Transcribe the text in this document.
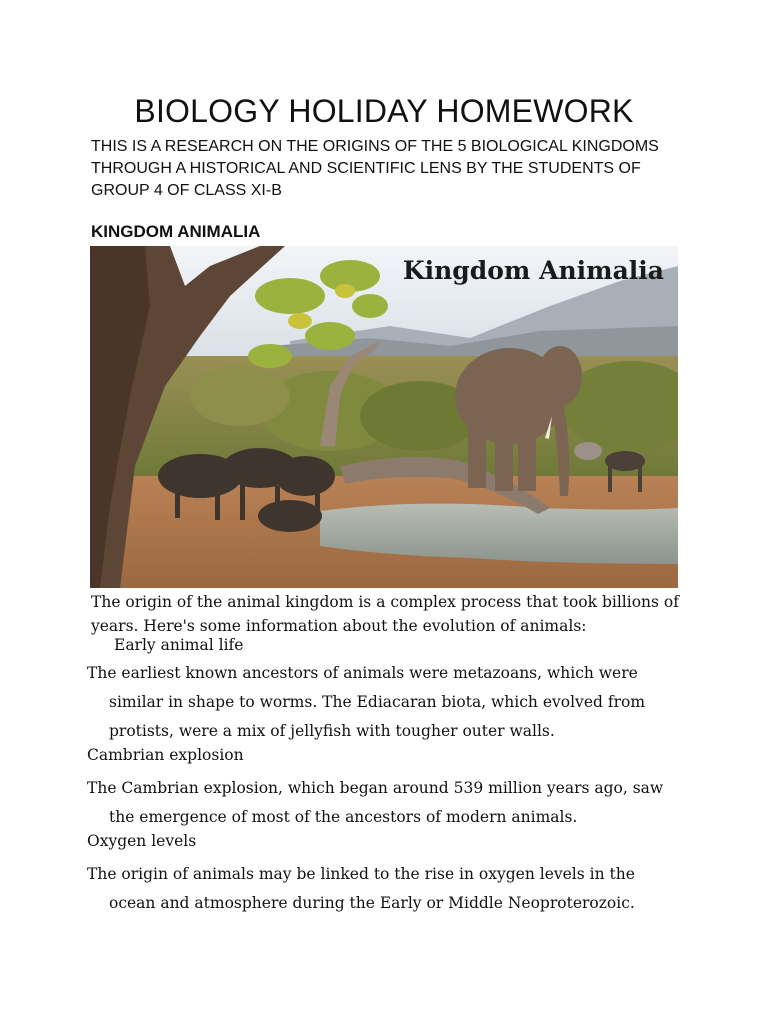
BIOLOGY HOLIDAY HOMEWORK

THIS IS A RESEARCH ON THE ORIGINS OF THE 5 BIOLOGICAL KINGDOMS THROUGH A HISTORICAL AND SCIENTIFIC LENS BY THE STUDENTS OF GROUP 4 OF CLASS XI-B

KINGDOM ANIMALIA
Kingdom Animalia

The origin of the animal kingdom is a complex process that took billions of years. Here's some information about the evolution of animals:

Early animal life

The earliest known ancestors of animals were metazoans, which were
similar in shape to worms. The Ediacaran biota, which evolved from protists, were a mix of jellyfish with tougher outer walls.

Cambrian explosion

The Cambrian explosion, which began around 539 million years ago, saw
the emergence of most of the ancestors of modern animals.

Oxygen levels

The origin of animals may be linked to the rise in oxygen levels in the
ocean and atmosphere during the Early or Middle Neoproterozoic.
